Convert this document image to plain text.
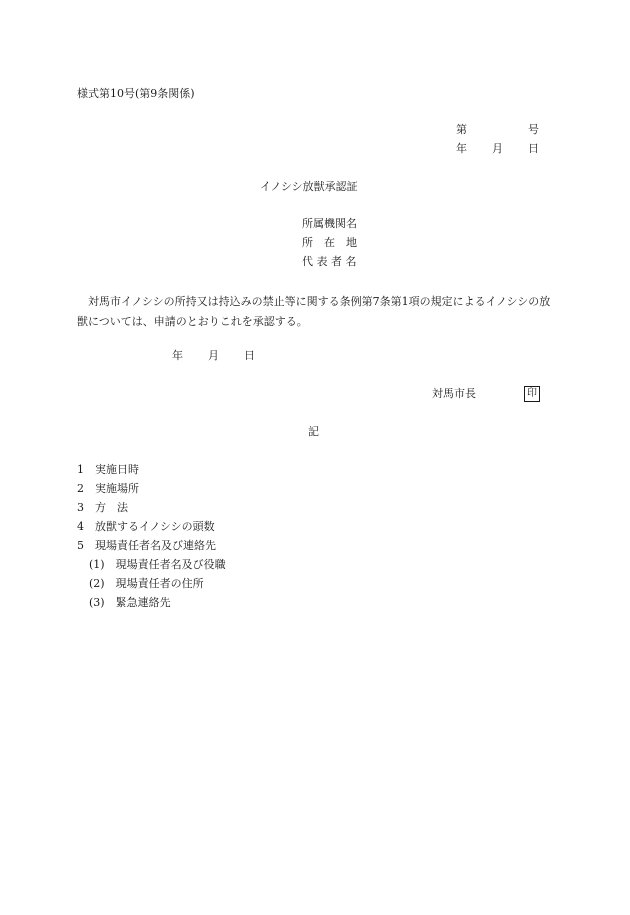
様式第10号(第9条関係)
第	号
年 月 日
イノシシ放獣承認証
所属機関名
所　在　地
代 表 者 名
対馬市イノシシの所持又は持込みの禁止等に関する条例第7条第1項の規定によるイノシシの放獣については、申請のとおりこれを承認する。
年 月 日
対馬市長	印
記
1　実施日時
2　実施場所
3　方　法
4　放獣するイノシシの頭数
5　現場責任者名及び連絡先
(1)　現場責任者名及び役職
(2)　現場責任者の住所
(3)　緊急連絡先
